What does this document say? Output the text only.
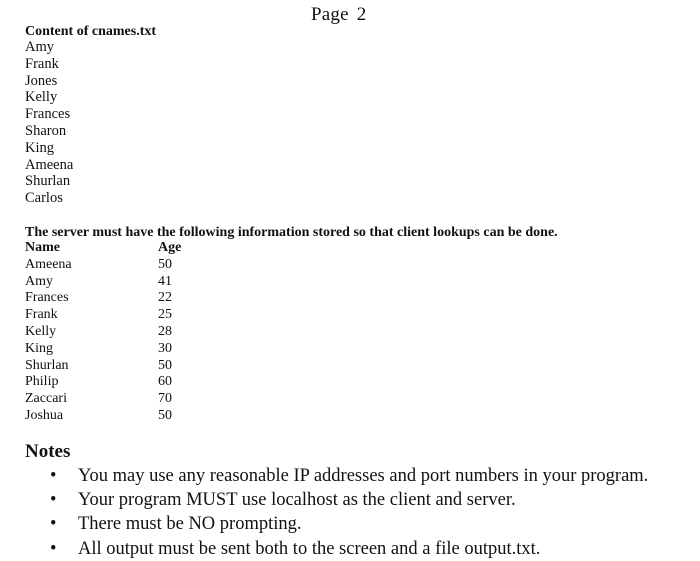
Page 2
Content of cnames.txt
Amy
Frank
Jones
Kelly
Frances
Sharon
King
Ameena
Shurlan
Carlos
The server must have the following information stored so that client lookups can be done.
Name	Age
Ameena	50
Amy	41
Frances	22
Frank	25
Kelly	28
King	30
Shurlan	50
Philip	60
Zaccari	70
Joshua	50
Notes
• You may use any reasonable IP addresses and port numbers in your program.
• Your program MUST use localhost as the client and server.
• There must be NO prompting.
• All output must be sent both to the screen and a file output.txt.
